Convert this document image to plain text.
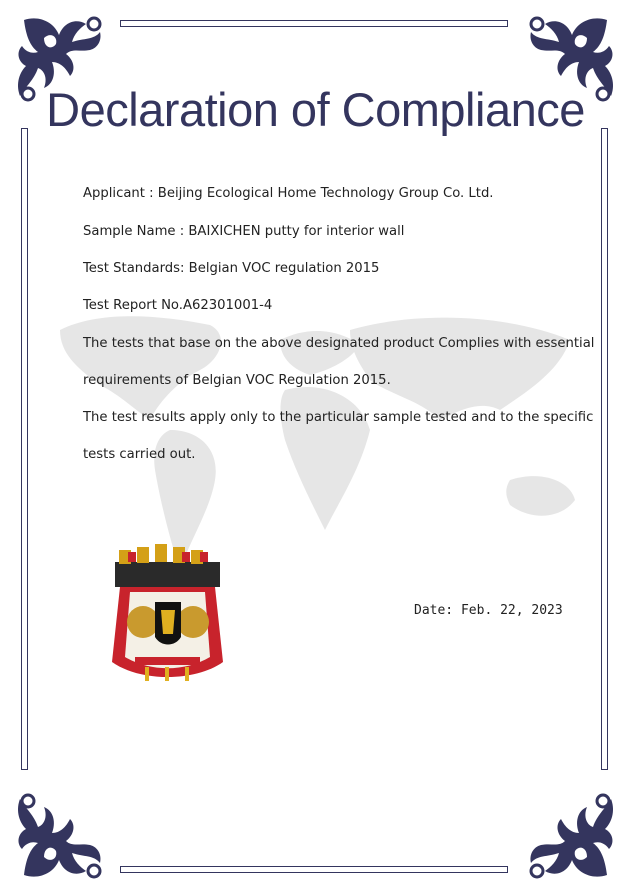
Declaration of Compliance
Applicant : Beijing Ecological Home Technology Group Co. Ltd.
Sample Name : BAIXICHEN putty for interior wall
Test Standards: Belgian VOC regulation 2015
Test Report No.A62301001-4
The tests that base on the above designated product Complies with essential
requirements of Belgian VOC Regulation 2015.
The test results apply only to the particular sample tested and to the specific
tests carried out.
Date: Feb. 22, 2023
